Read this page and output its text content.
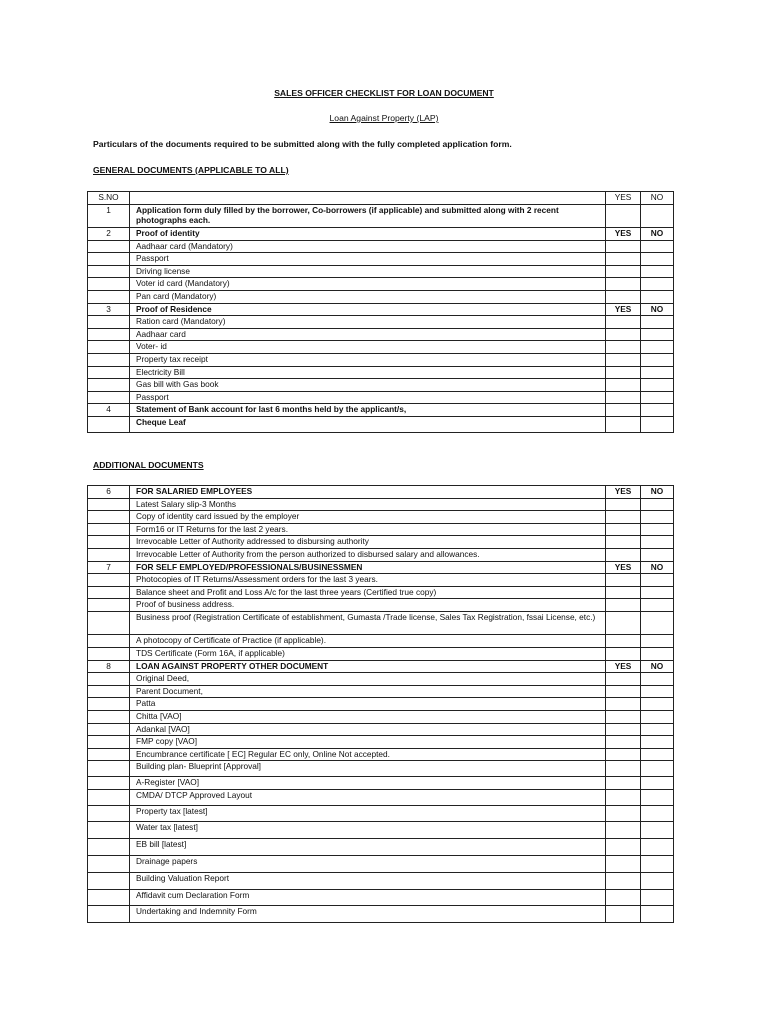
SALES OFFICER CHECKLIST FOR LOAN DOCUMENT
Loan Against Property (LAP)
Particulars of the documents required to be submitted along with the fully completed application form.
GENERAL DOCUMENTS (APPLICABLE TO ALL)
S.NO		YES	NO
1	Application form duly filled by the borrower, Co-borrowers (if applicable) and submitted along with 2 recent photographs each.		
2	Proof of identity	YES	NO
	Aadhaar card (Mandatory)		
	Passport		
	Driving license		
	Voter id card (Mandatory)		
	Pan card (Mandatory)		
3	Proof of Residence	YES	NO
	Ration card (Mandatory)		
	Aadhaar card		
	Voter- id		
	Property tax receipt		
	Electricity Bill		
	Gas bill with Gas book		
	Passport		
4	Statement of Bank account for last 6 months held by the applicant/s,		
	Cheque Leaf		
ADDITIONAL DOCUMENTS
6	FOR SALARIED EMPLOYEES	YES	NO
	Latest Salary slip-3 Months		
	Copy of identity card issued by the employer		
	Form16 or IT Returns for the last 2 years.		
	Irrevocable Letter of Authority addressed to disbursing authority		
	Irrevocable Letter of Authority from the person authorized to disbursed salary and allowances.		
7	FOR SELF EMPLOYED/PROFESSIONALS/BUSINESSMEN	YES	NO
	Photocopies of IT Returns/Assessment orders for the last 3 years.		
	Balance sheet and Profit and Loss A/c for the last three years (Certified true copy)		
	Proof of business address.		
	Business proof (Registration Certificate of establishment, Gumasta /Trade license, Sales Tax Registration, fssai License, etc.)		
	A photocopy of Certificate of Practice (if applicable).		
	TDS Certificate (Form 16A, if applicable)		
8	LOAN AGAINST PROPERTY OTHER DOCUMENT	YES	NO
	Original Deed,		
	Parent Document,		
	Patta		
	Chitta [VAO]		
	Adankal [VAO]		
	FMP copy [VAO]		
	Encumbrance certificate [ EC] Regular EC only, Online Not accepted.		
	Building plan- Blueprint [Approval]		
	A-Register [VAO]		
	CMDA/ DTCP Approved Layout		
	Property tax [latest]		
	Water tax [latest]		
	EB bill [latest]		
	Drainage papers		
	Building Valuation Report		
	Affidavit cum Declaration Form		
	Undertaking and Indemnity Form		
